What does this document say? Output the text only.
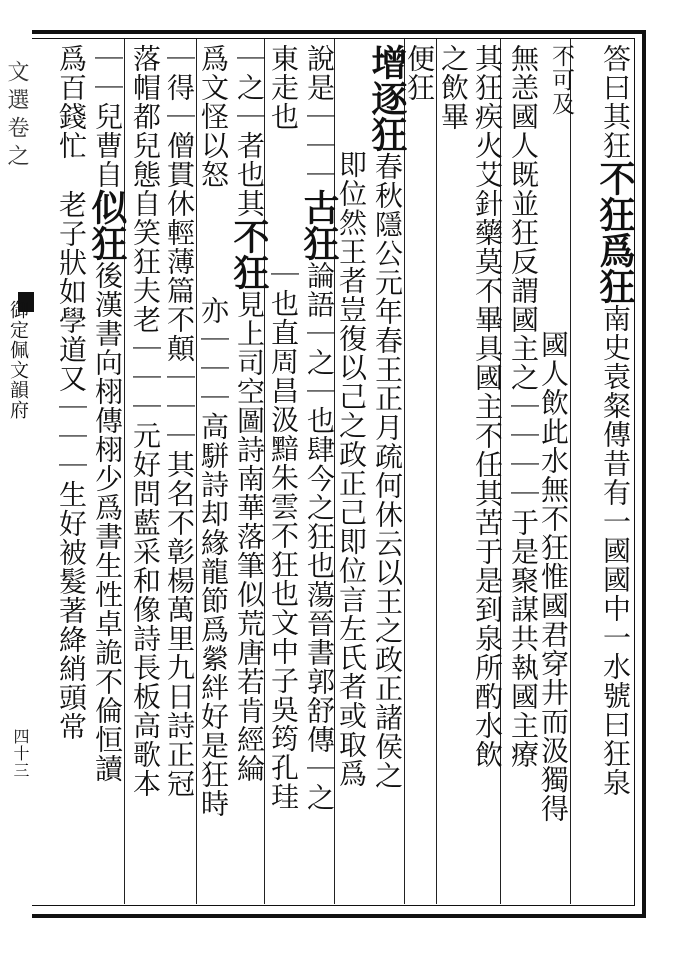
文選卷之
御定佩文韻府
四十三
答曰其狂不狂爲狂南史袁粲傳昔有一國國中一水號曰狂泉
不可及
國人飲此水無不狂惟國君穿井而汲獨得
無恙國人既並狂反謂國主之｜｜｜｜于是聚謀共執國主療
其狂疾火艾針藥莫不畢具國主不任其苦于是到泉所酌水飲
之飲畢
便狂
增逐狂春秋隱公元年春王正月疏何休云以王之政正諸侯之
即位然王者豈復以己之政正己即位言左氏者或取爲
說是｜｜｜古狂論語｜之｜也肆今之狂也蕩晉書郭舒傳｜之
東走也
｜也直周昌汲黯朱雲不狂也文中子吳筠孔珪
｜之｜者也其不狂見上司空圖詩南華落筆似荒唐若肯經綸
爲文怪以怒
亦｜｜｜高駢詩却緣龍節爲縈絆好是狂時
｜得｜僧貫休輕薄篇不顛｜｜｜其名不彰楊萬里九日詩正冠
落帽都兒態自笑狂夫老｜｜｜元好問藍采和像詩長板高歌本
｜｜兒曹自似狂後漢書向栩傳栩少爲書生性卓詭不倫恒讀
爲百錢忙
老子狀如學道又｜｜｜生好被髮著絳綃頭常
